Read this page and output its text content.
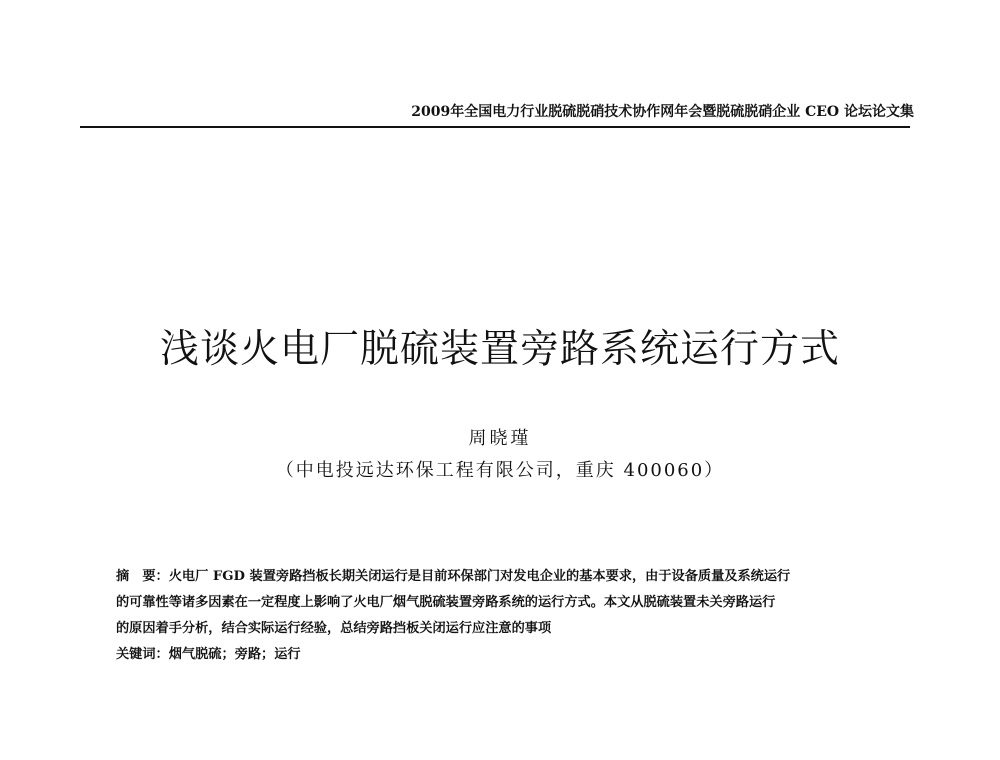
2009年全国电力行业脱硫脱硝技术协作网年会暨脱硫脱硝企业 CEO 论坛论文集
浅谈火电厂脱硫装置旁路系统运行方式
周晓瑾
（中电投远达环保工程有限公司，重庆 400060）

摘　要：火电厂 FGD 装置旁路挡板长期关闭运行是目前环保部门对发电企业的基本要求，由于设备质量及系统运行

的可靠性等诸多因素在一定程度上影响了火电厂烟气脱硫装置旁路系统的运行方式。本文从脱硫装置未关旁路运行

的原因着手分析，结合实际运行经验，总结旁路挡板关闭运行应注意的事项

关键词：烟气脱硫；旁路；运行
